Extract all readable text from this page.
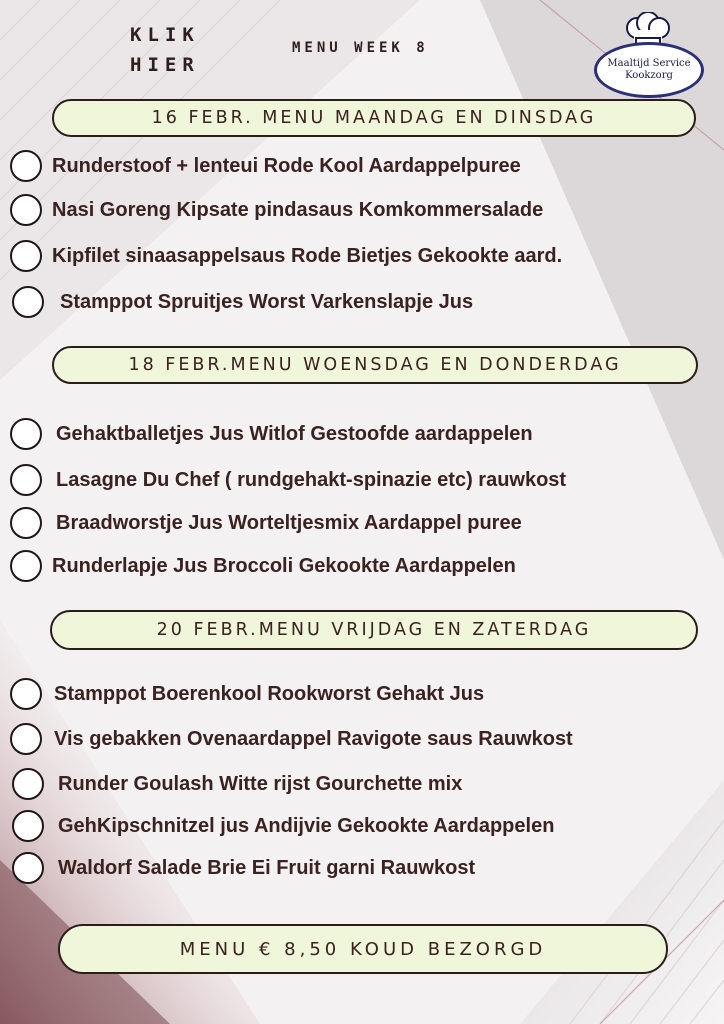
KLIK
HIER
MENU WEEK 8
Maaltijd Service
Kookzorg
16 FEBR. MENU MAANDAG EN DINSDAG
Runderstoof + lenteui Rode Kool Aardappelpuree
Nasi Goreng Kipsate pindasaus Komkommersalade
Kipfilet sinaasappelsaus Rode Bietjes Gekookte aard.
Stamppot Spruitjes Worst Varkenslapje Jus
18 FEBR.MENU WOENSDAG EN DONDERDAG
Gehaktballetjes Jus Witlof Gestoofde aardappelen
Lasagne Du Chef ( rundgehakt-spinazie etc) rauwkost
Braadworstje Jus Worteltjesmix Aardappel puree
Runderlapje Jus Broccoli Gekookte Aardappelen
20 FEBR.MENU VRIJDAG EN ZATERDAG
Stamppot Boerenkool Rookworst Gehakt Jus
Vis gebakken Ovenaardappel Ravigote saus Rauwkost
Runder Goulash Witte rijst Gourchette mix
GehKipschnitzel jus Andijvie Gekookte Aardappelen
Waldorf Salade Brie Ei Fruit garni Rauwkost
MENU € 8,50 KOUD BEZORGD
